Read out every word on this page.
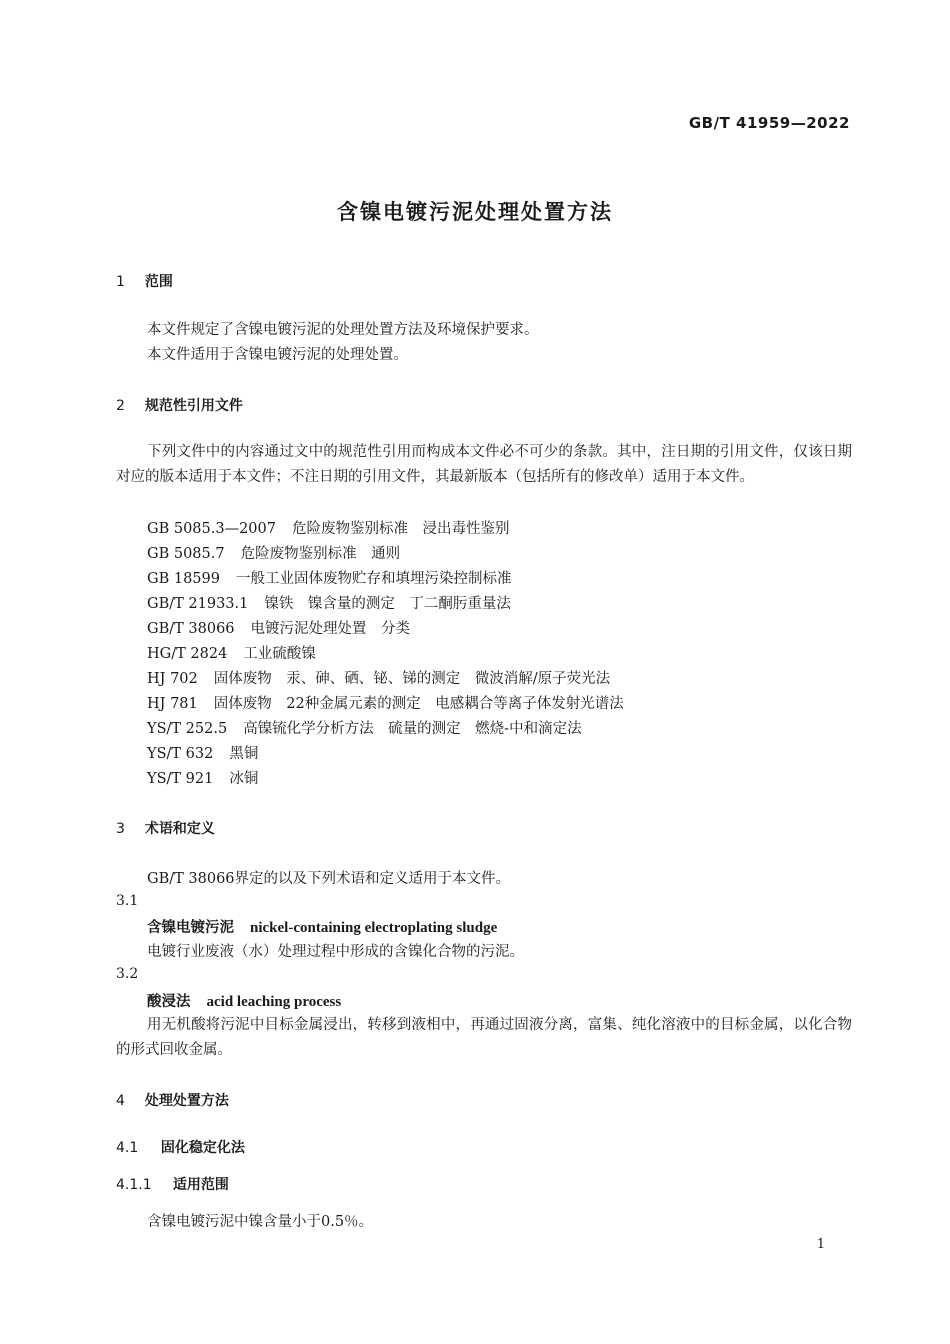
GB/T 41959—2022
含镍电镀污泥处理处置方法
1 范围
本文件规定了含镍电镀污泥的处理处置方法及环境保护要求。
本文件适用于含镍电镀污泥的处理处置。
2 规范性引用文件
下列文件中的内容通过文中的规范性引用而构成本文件必不可少的条款。其中，注日期的引用文件，仅该日期对应的版本适用于本文件；不注日期的引用文件，其最新版本（包括所有的修改单）适用于本文件。
GB 5085.3—2007 危险废物鉴别标准　浸出毒性鉴别
GB 5085.7 危险废物鉴别标准　通则
GB 18599 一般工业固体废物贮存和填埋污染控制标准
GB/T 21933.1 镍铁　镍含量的测定　丁二酮肟重量法
GB/T 38066 电镀污泥处理处置　分类
HG/T 2824 工业硫酸镍
HJ 702 固体废物　汞、砷、硒、铋、锑的测定　微波消解/原子荧光法
HJ 781 固体废物　22种金属元素的测定　电感耦合等离子体发射光谱法
YS/T 252.5 高镍锍化学分析方法　硫量的测定　燃烧-中和滴定法
YS/T 632 黑铜
YS/T 921 冰铜
3 术语和定义
GB/T 38066界定的以及下列术语和定义适用于本文件。
3.1
含镍电镀污泥 nickel-containing electroplating sludge
电镀行业废液（水）处理过程中形成的含镍化合物的污泥。
3.2
酸浸法 acid leaching process
用无机酸将污泥中目标金属浸出，转移到液相中，再通过固液分离，富集、纯化溶液中的目标金属，以化合物的形式回收金属。
4 处理处置方法
4.1 固化稳定化法
4.1.1 适用范围
含镍电镀污泥中镍含量小于0.5％。
1
